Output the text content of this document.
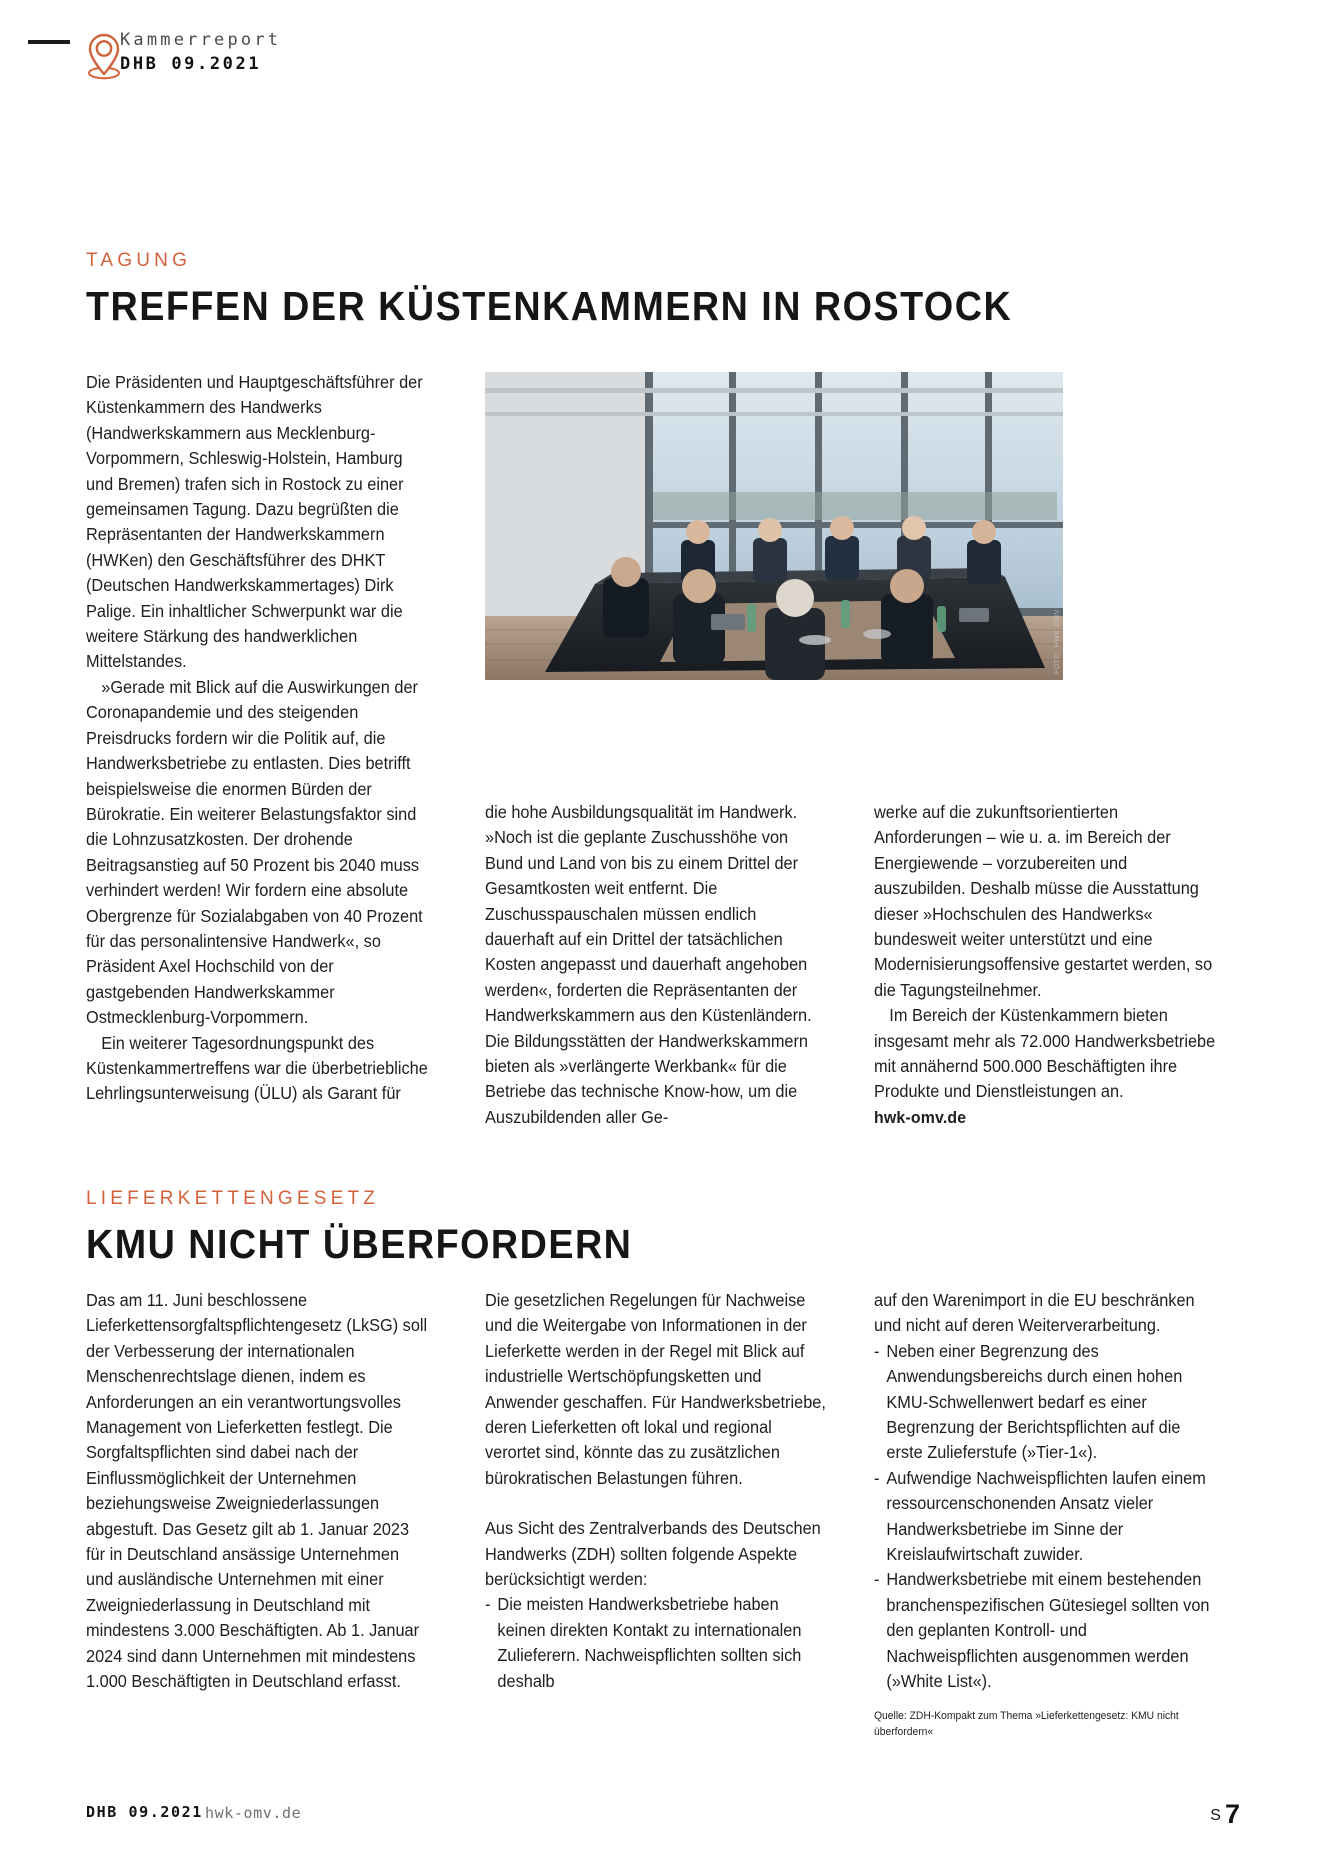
Kammerreport
DHB 09.2021
TAGUNG
TREFFEN DER KÜSTENKAMMERN IN ROSTOCK

Die Präsidenten und Hauptgeschäftsführer der Küstenkammern des Handwerks (Handwerkskammern aus Mecklenburg-Vorpommern, Schleswig-Holstein, Hamburg und Bremen) trafen sich in Rostock zu einer gemeinsamen Tagung. Dazu begrüßten die Repräsentanten der Handwerkskammern (HWKen) den Geschäftsführer des DHKT (Deutschen Handwerkskammertages) Dirk Palige. Ein inhaltlicher Schwerpunkt war die weitere Stärkung des handwerklichen Mittelstandes.

»Gerade mit Blick auf die Auswirkungen der Coronapandemie und des steigenden Preisdrucks fordern wir die Politik auf, die Handwerksbetriebe zu entlasten. Dies betrifft beispielsweise die enormen Bürden der Bürokratie. Ein weiterer Belastungsfaktor sind die Lohnzusatzkosten. Der drohende Beitragsanstieg auf 50 Prozent bis 2040 muss verhindert werden! Wir fordern eine absolute Obergrenze für Sozialabgaben von 40 Prozent für das personalintensive Handwerk«, so Präsident Axel Hochschild von der gastgebenden Handwerkskammer Ostmecklenburg-Vorpommern.

Ein weiterer Tagesordnungspunkt des Küstenkammertreffens war die überbetriebliche Lehrlingsunterweisung (ÜLU) als Garant für

FOTO: HWK OMV

die hohe Ausbildungsqualität im Handwerk. »Noch ist die geplante Zuschusshöhe von Bund und Land von bis zu einem Drittel der Gesamtkosten weit entfernt. Die Zuschusspauschalen müssen endlich dauerhaft auf ein Drittel der tatsächlichen Kosten angepasst und dauerhaft angehoben werden«, forderten die Repräsentanten der Handwerkskammern aus den Küstenländern. Die Bildungsstätten der Handwerkskammern bieten als »verlängerte Werkbank« für die Betriebe das technische Know-how, um die Auszubildenden aller Ge-

werke auf die zukunftsorientierten Anforderungen – wie u. a. im Bereich der Energiewende – vorzubereiten und auszubilden. Deshalb müsse die Ausstattung dieser »Hochschulen des Handwerks« bundesweit weiter unterstützt und eine Modernisierungsoffensive gestartet werden, so die Tagungsteilnehmer.

Im Bereich der Küstenkammern bieten insgesamt mehr als 72.000 Handwerksbetriebe mit annähernd 500.000 Beschäftigten ihre Produkte und Dienstleistungen an.

hwk-omv.de

LIEFERKETTENGESETZ
KMU NICHT ÜBERFORDERN

Das am 11. Juni beschlossene Lieferkettensorgfaltspflichtengesetz (LkSG) soll der Verbesserung der internationalen Menschenrechtslage dienen, indem es Anforderungen an ein verantwortungsvolles Management von Lieferketten festlegt. Die Sorgfaltspflichten sind dabei nach der Einflussmöglichkeit der Unternehmen beziehungsweise Zweigniederlassungen abgestuft. Das Gesetz gilt ab 1. Januar 2023 für in Deutschland ansässige Unternehmen und ausländische Unternehmen mit einer Zweigniederlassung in Deutschland mit mindestens 3.000 Beschäftigten. Ab 1. Januar 2024 sind dann Unternehmen mit mindestens 1.000 Beschäftigten in Deutschland erfasst.

Die gesetzlichen Regelungen für Nachweise und die Weitergabe von Informationen in der Lieferkette werden in der Regel mit Blick auf industrielle Wertschöpfungsketten und Anwender geschaffen. Für Handwerksbetriebe, deren Lieferketten oft lokal und regional verortet sind, könnte das zu zusätzlichen bürokratischen Belastungen führen.

Aus Sicht des Zentralverbands des Deutschen Handwerks (ZDH) sollten folgende Aspekte berücksichtigt werden:

- Die meisten Handwerksbetriebe haben keinen direkten Kontakt zu internationalen Zulieferern. Nachweispflichten sollten sich deshalb

auf den Warenimport in die EU beschränken und nicht auf deren Weiterverarbeitung.

- Neben einer Begrenzung des Anwendungsbereichs durch einen hohen KMU-Schwellenwert bedarf es einer Begrenzung der Berichtspflichten auf die erste Zulieferstufe (»Tier-1«).
- Aufwendige Nachweispflichten laufen einem ressourcenschonenden Ansatz vieler Handwerksbetriebe im Sinne der Kreislaufwirtschaft zuwider.
- Handwerksbetriebe mit einem bestehenden branchenspezifischen Gütesiegel sollten von den geplanten Kontroll- und Nachweispflichten ausgenommen werden (»White List«).
Quelle: ZDH-Kompakt zum Thema »Lieferkettengesetz: KMU nicht überfordern«
DHB 09.2021 hwk-omv.de	S 7
